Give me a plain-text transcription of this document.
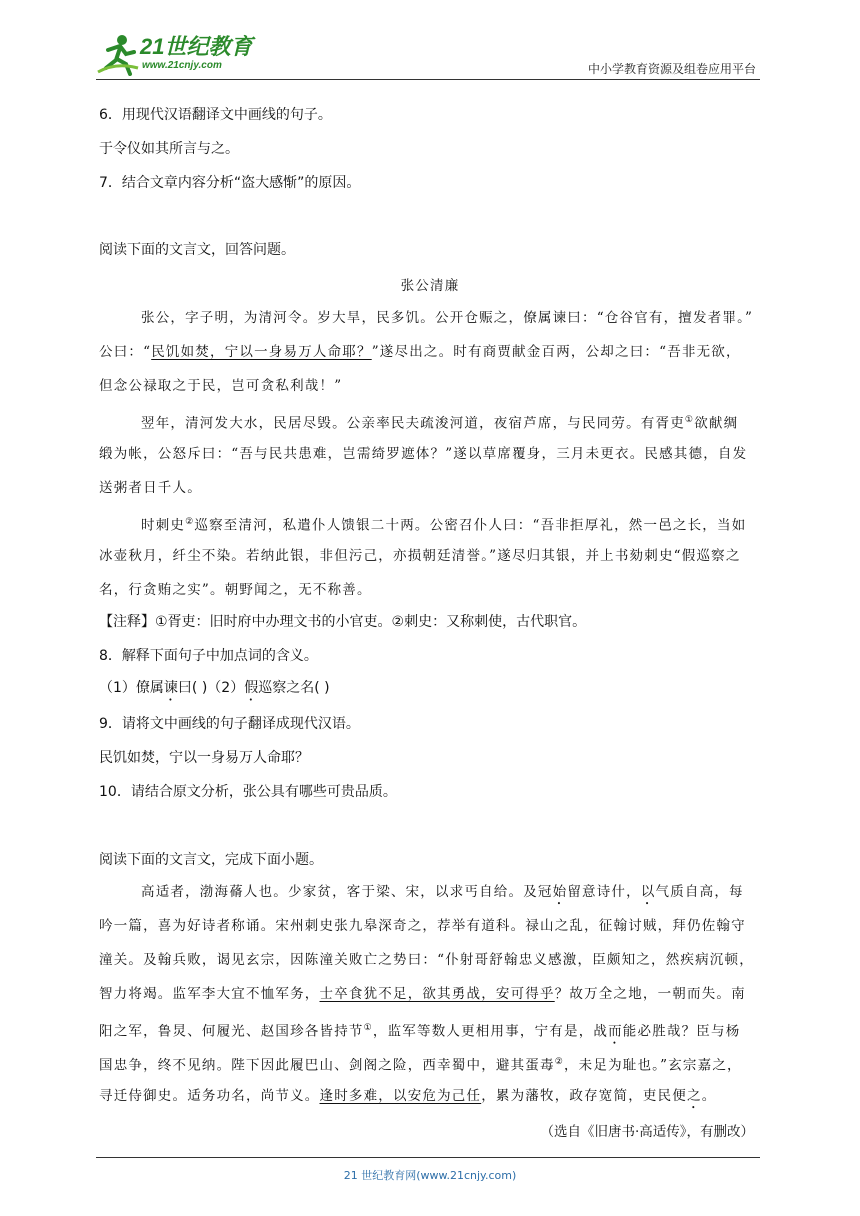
21世纪教育
www.21cnjy.com	中小学教育资源及组卷应用平台
6．用现代汉语翻译文中画线的句子。
于令仪如其所言与之。
7．结合文章内容分析“盗大感惭”的原因。
阅读下面的文言文，回答问题。
张公清廉
张公，字子明，为清河令。岁大旱，民多饥。公开仓赈之，僚属谏曰：“仓谷官有，擅发者罪。”
公曰：“民饥如焚，宁以一身易万人命耶？”遂尽出之。时有商贾献金百两，公却之曰：“吾非无欲，
但念公禄取之于民，岂可贪私利哉！”
翌年，清河发大水，民居尽毁。公亲率民夫疏浚河道，夜宿芦席，与民同劳。有胥吏①欲献绸
缎为帐，公怒斥曰：“吾与民共患难，岂需绮罗遮体？”遂以草席覆身，三月未更衣。民感其德，自发
送粥者日千人。
时刺史②巡察至清河，私遣仆人馈银二十两。公密召仆人曰：“吾非拒厚礼，然一邑之长，当如
冰壶秋月，纤尘不染。若纳此银，非但污己，亦损朝廷清誉。”遂尽归其银，并上书劾刺史“假巡察之
名，行贪贿之实”。朝野闻之，无不称善。
【注释】①胥吏：旧时府中办理文书的小官吏。②刺史：又称刺使，古代职官。
8．解释下面句子中加点词的含义。
（1）僚属谏曰( )（2）假巡察之名( )
9．请将文中画线的句子翻译成现代汉语。
民饥如焚，宁以一身易万人命耶？
10．请结合原文分析，张公具有哪些可贵品质。
阅读下面的文言文，完成下面小题。
高适者，渤海蓨人也。少家贫，客于梁、宋，以求丐自给。及冠始留意诗什，以气质自高，每
吟一篇，喜为好诗者称诵。宋州刺史张九皋深奇之，荐举有道科。禄山之乱，征翰讨贼，拜仍佐翰守
潼关。及翰兵败，谒见玄宗，因陈潼关败亡之势曰：“仆射哥舒翰忠义感激，臣颇知之，然疾病沉顿，
智力将竭。监军李大宜不恤军务，士卒食犹不足，欲其勇战，安可得乎？故万全之地，一朝而失。南
阳之军，鲁炅、何履光、赵国珍各皆持节①，监军等数人更相用事，宁有是，战而能必胜哉？臣与杨
国忠争，终不见纳。陛下因此履巴山、剑阁之险，西幸蜀中，避其蛋毒②，未足为耻也。”玄宗嘉之，
寻迁侍御史。适务功名，尚节义。逢时多难，以安危为己任，累为藩牧，政存宽简，吏民便之。
（选自《旧唐书·高适传》，有删改）
21 世纪教育网(www.21cnjy.com)
